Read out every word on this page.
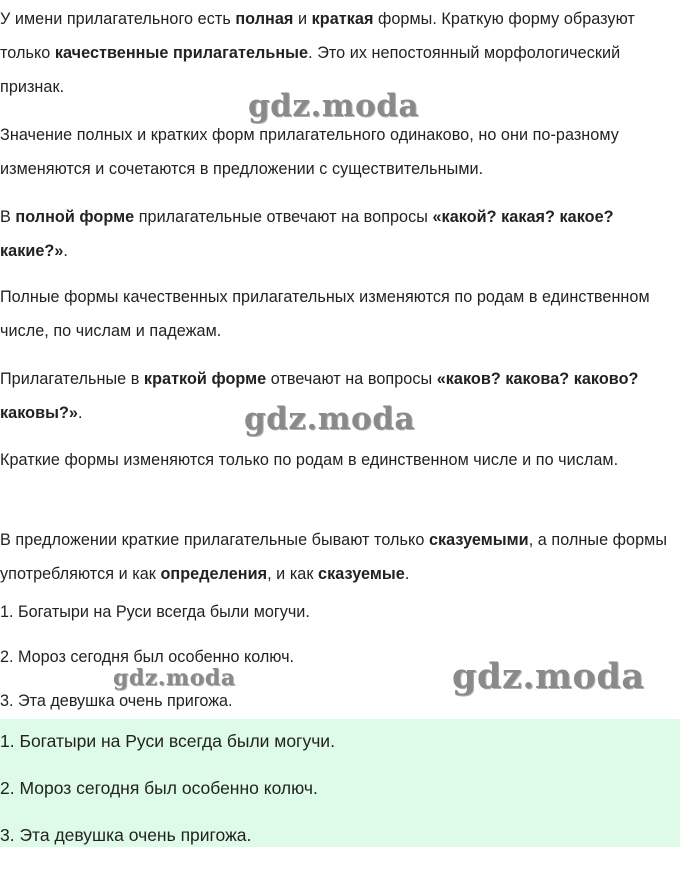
У имени прилагательного есть полная и краткая формы. Краткую форму образуют только качественные прилагательные. Это их непостоянный морфологический признак.

Значение полных и кратких форм прилагательного одинаково, но они по-разному изменяются и сочетаются в предложении с существительными.

В полной форме прилагательные отвечают на вопросы «какой? какая? какое? какие?».

Полные формы качественных прилагательных изменяются по родам в единственном числе, по числам и падежам.

Прилагательные в краткой форме отвечают на вопросы «каков? какова? каково? каковы?».

Краткие формы изменяются только по родам в единственном числе и по числам.

В предложении краткие прилагательные бывают только сказуемыми, а полные формы употребляются и как определения, и как сказуемые.

1. Богатыри на Руси всегда были могучи.

2. Мороз сегодня был особенно колюч.

3. Эта девушка очень пригожа.

1. Богатыри на Руси всегда были могучи.

2. Мороз сегодня был особенно колюч.

3. Эта девушка очень пригожа.

gdz.moda
gdz.moda
gdz.moda	gdz.moda
